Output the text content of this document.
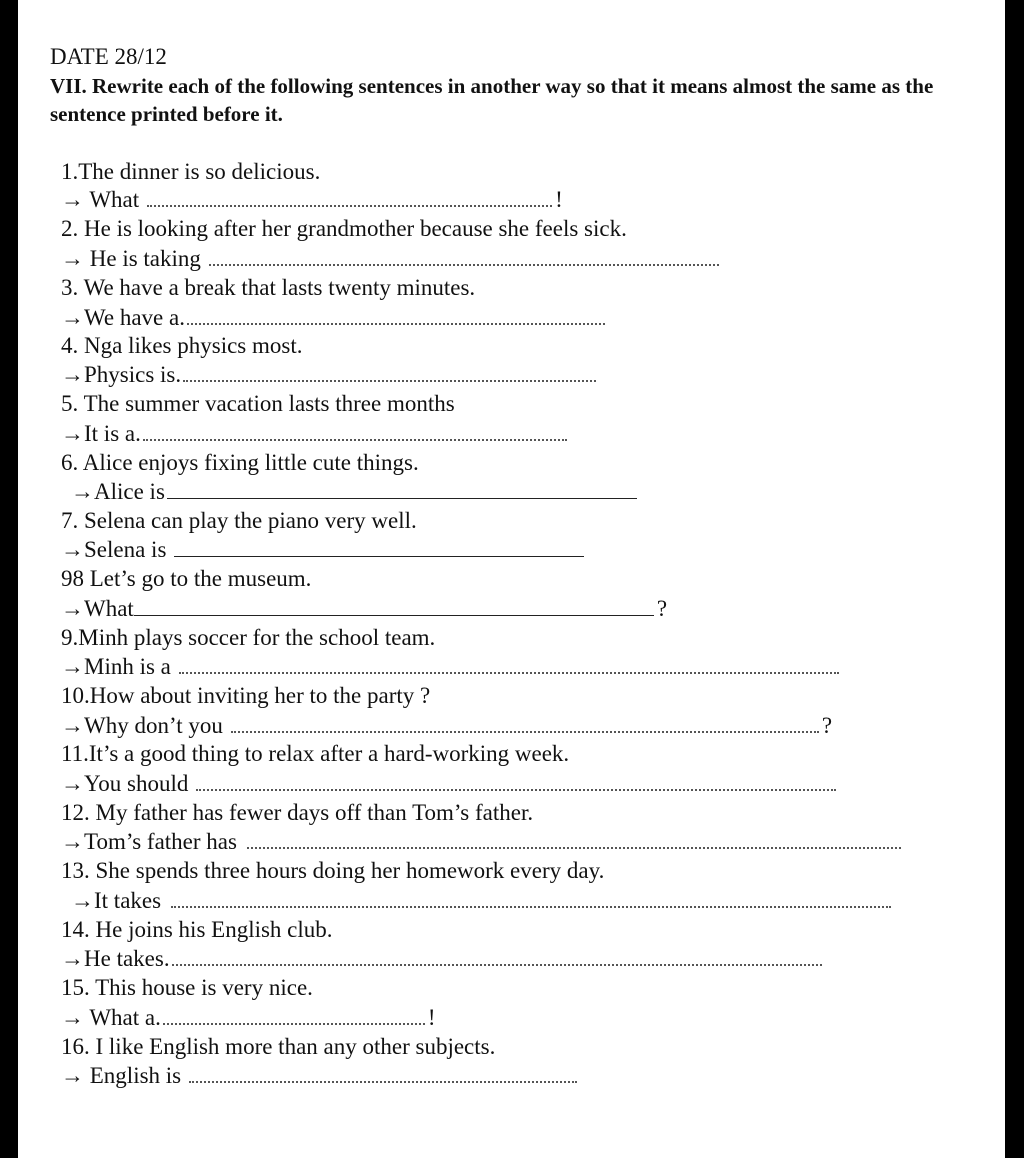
DATE 28/12
VII. Rewrite each of the following sentences in another way so that it means almost the same as the sentence printed before it.
1.The dinner is so delicious.
→ What	!
2. He is looking after her grandmother because she feels sick.
→ He is taking
3. We have a break that lasts twenty minutes.
→We have a.
4. Nga likes physics most.
→Physics is.
5. The summer vacation lasts three months
→It is a.
6. Alice enjoys fixing little cute things.
→Alice is
7. Selena can play the piano very well.
→Selena is
98 Let’s go to the museum.
→What	?
9.Minh plays soccer for the school team.
→Minh is a
10.How about inviting her to the party ?
→Why don’t you	?
11.It’s a good thing to relax after a hard-working week.
→You should
12. My father has fewer days off than Tom’s father.
→Tom’s father has
13. She spends three hours doing her homework every day.
→It takes
14. He joins his English club.
→He takes.
15. This house is very nice.
→ What a.	!
16. I like English more than any other subjects.
→ English is
